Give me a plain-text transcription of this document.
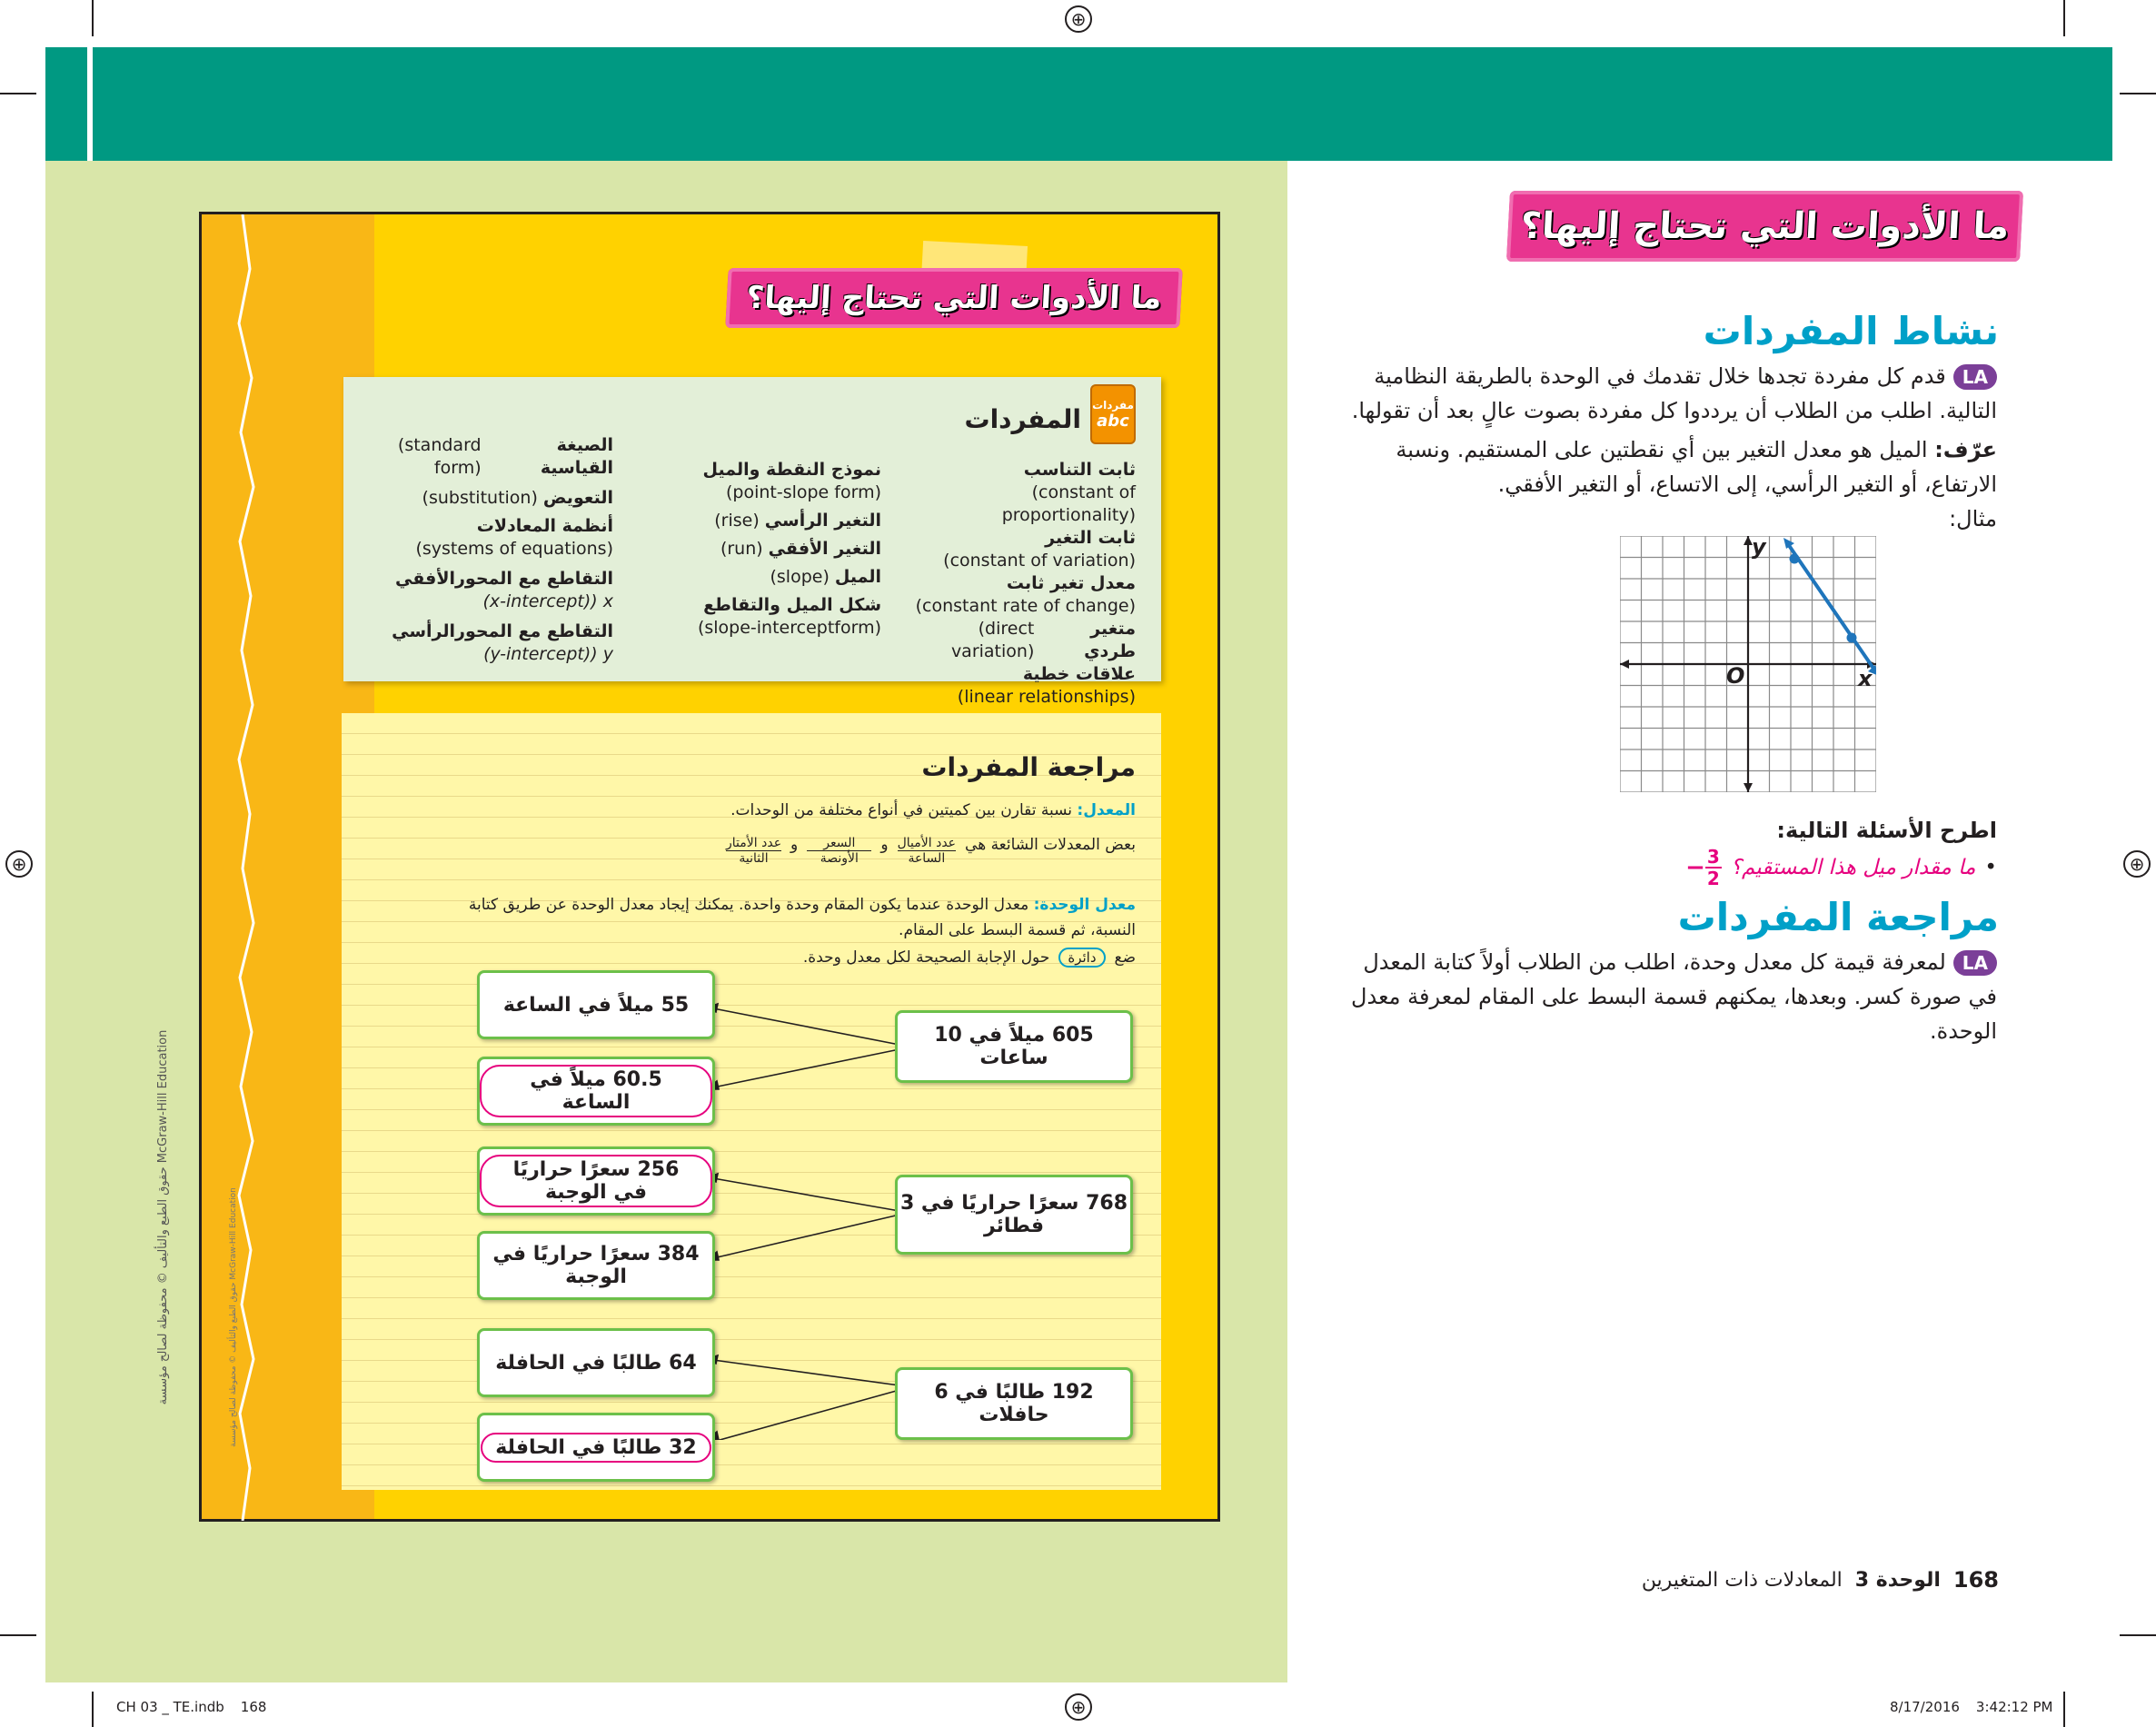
⊕
⊕	⊕
⊕
ما الأدوات التي تحتاج إليها؟
نشاط المفردات
LAقدم كل مفردة تجدها خلال تقدمك في الوحدة بالطريقة النظامية
التالية. اطلب من الطلاب أن يرددوا كل مفردة بصوت عالٍ بعد أن تقولها.
عرّف: الميل هو معدل التغير بين أي نقطتين على المستقيم. ونسبة
الارتفاع، أو التغير الرأسي، إلى الاتساع، أو التغير الأفقي.
مثال:
y
x
O
اطرح الأسئلة التالية:
•
ما مقدار ميل هذا المستقيم؟
− $\frac{3}{2}$
مراجعة المفردات
LAلمعرفة قيمة كل معدل وحدة، اطلب من الطلاب أولاً كتابة المعدل
في صورة كسر. وبعدها، يمكنهم قسمة البسط على المقام لمعرفة معدل
الوحدة.
168
الوحدة 3
المعادلات ذات المتغيرين
ما الأدوات التي تحتاج إليها؟
مفردات
abc
المفردات
ثابت التناسب
(constant of proportionality)
ثابت التغير
(constant of variation)
معدل تغير ثابت
(constant rate of change)
متغير طردي
(direct variation)
علاقات خطية
(linear relationships)
نموذج النقطة والميل
(point-slope form)
التغير الرأسي
(rise)
التغير الأفقي
(run)
الميل
(slope)
شكل الميل والتقاطع
(slope-interceptform)
الصيغة القياسية
(standard form)
التعويض
(substitution)
أنظمة المعادلات
(systems of equations)
التقاطع مع المحورالأفقي
(x-intercept)) x
التقاطع مع المحورالرأسي
(y-intercept)) y
مراجعة المفردات
المعدل: نسبة تقارن بين كميتين في أنواع مختلفة من الوحدات.
بعض المعدلات الشائعة هي
عدد الأميال
الساعة
و
السعر
الأونصة
و
عدد الأمتار
الثانية
معدل الوحدة: معدل الوحدة عندما يكون المقام وحدة واحدة. يمكنك إيجاد معدل الوحدة عن طريق كتابة
النسبة، ثم قسمة البسط على المقام.
ضع
دائرة
حول الإجابة الصحيحة لكل معدل وحدة.
605 ميلاً في 10 ساعات
768 سعرًا حراريًا في 3 فطائر
192 طالبًا في 6 حافلات
55 ميلاً في الساعة
60.5 ميلاً في الساعة
256 سعرًا حراريًا في الوجبة
384 سعرًا حراريًا في الوجبة
64 طالبًا في الحافلة
32 طالبًا في الحافلة
حقوق الطبع والتأليف © محفوظة لصالح مؤسسة McGraw-Hill Education
حقوق الطبع والتأليف © محفوظة لصالح مؤسسة McGraw-Hill Education
CH 03 _ TE.indb 168	8/17/2016 3:42:12 PM
